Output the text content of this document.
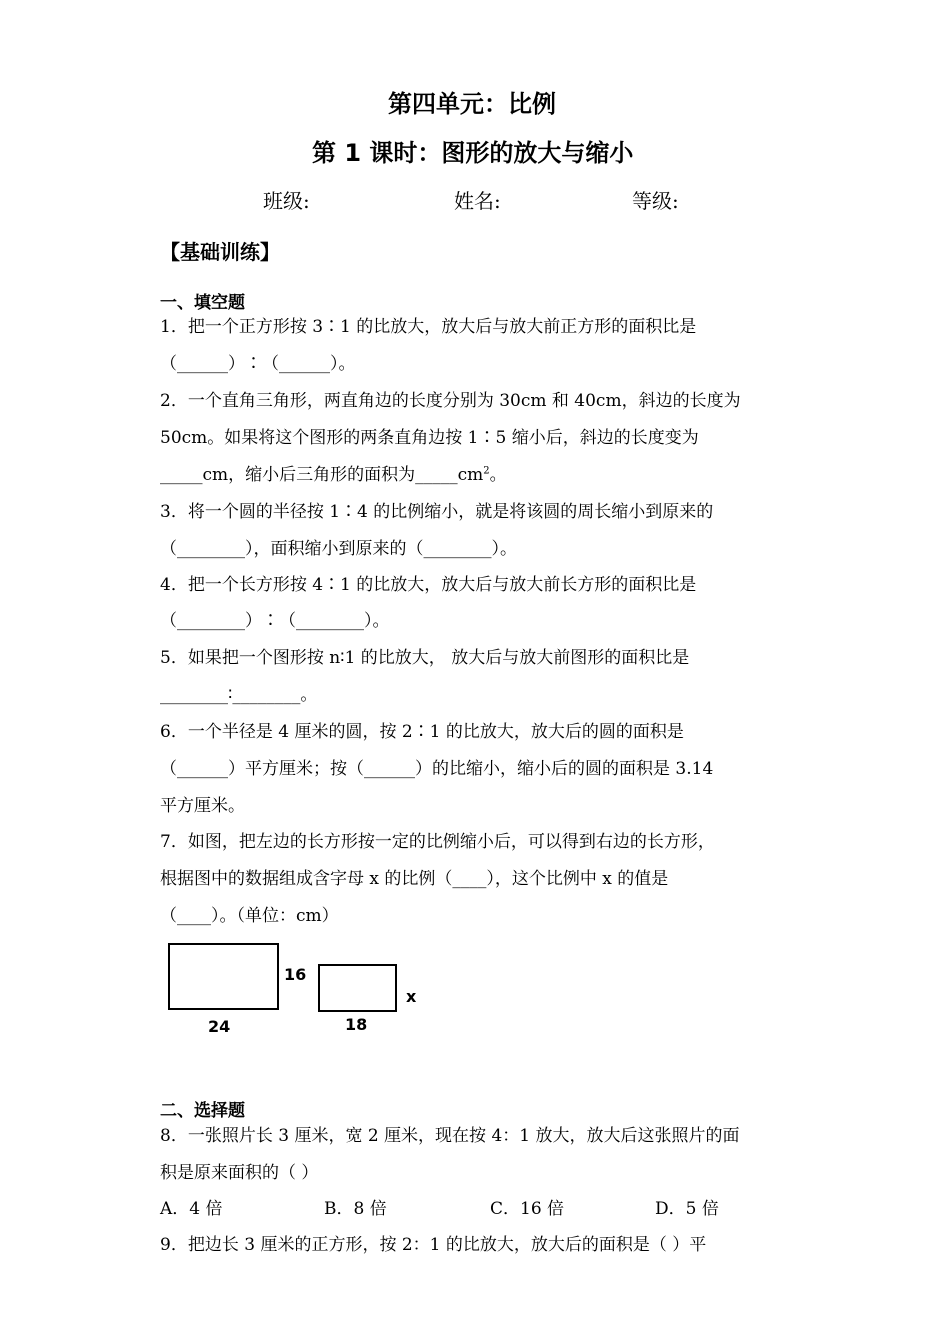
第四单元：比例
第 1 课时：图形的放大与缩小
班级:	姓名:	等级:
【基础训练】
一、填空题
1．把一个正方形按 3∶1 的比放大，放大后与放大前正方形的面积比是
（______）∶（______）。
2．一个直角三角形，两直角边的长度分别为 30cm 和 40cm，斜边的长度为
50cm。如果将这个图形的两条直角边按 1∶5 缩小后，斜边的长度变为
_____cm，缩小后三角形的面积为$\_\_\_\_\_cm^2$。
3．将一个圆的半径按 1∶4 的比例缩小，就是将该圆的周长缩小到原来的
（________），面积缩小到原来的（________）。
4．把一个长方形按 4∶1 的比放大，放大后与放大前长方形的面积比是
（________）∶（________）。
5．如果把一个图形按 n∶1 的比放大， 放大后与放大前图形的面积比是
________∶________。
6．一个半径是 4 厘米的圆，按 2∶1 的比放大，放大后的圆的面积是
（______）平方厘米；按（______）的比缩小，缩小后的圆的面积是 3.14
平方厘米。
7．如图，把左边的长方形按一定的比例缩小后，可以得到右边的长方形，
根据图中的数据组成含字母 x 的比例（____），这个比例中 x 的值是
（____）。（单位：cm）
16
24
x
18
二、选择题
8．一张照片长 3 厘米，宽 2 厘米，现在按 4：1 放大，放大后这张照片的面
积是原来面积的（ ）
A．4 倍	B．8 倍	C．16 倍	D．5 倍
9．把边长 3 厘米的正方形，按 2：1 的比放大，放大后的面积是（ ）平
